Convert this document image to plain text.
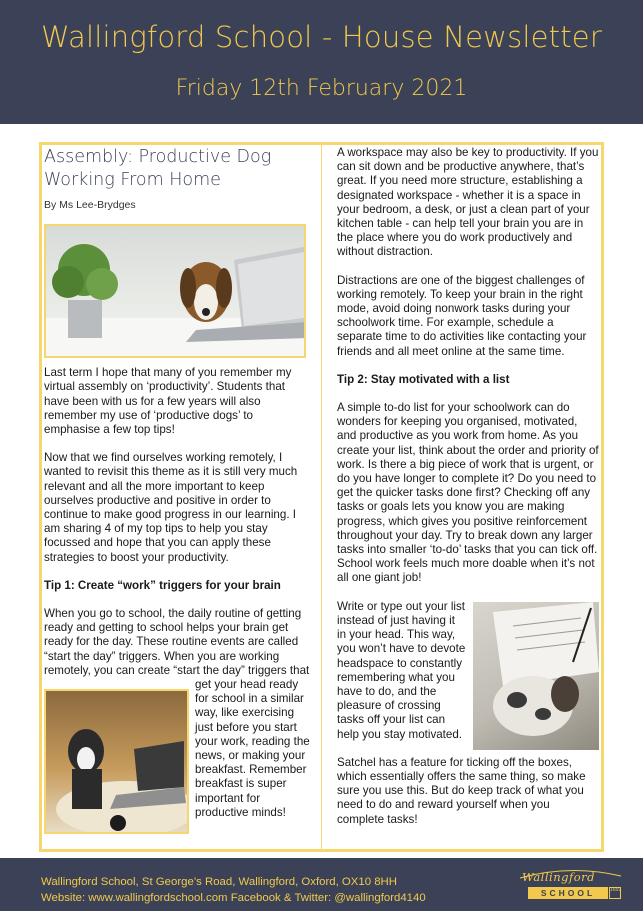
Wallingford School - House Newsletter
Friday 12th February 2021
Assembly: Productive Dog
Working From Home
By Ms Lee-Brydges

Last term I hope that many of you remember my virtual assembly on ‘productivity’. Students that have been with us for a few years will also remember my use of ‘productive dogs’ to emphasise a few top tips!

Now that we find ourselves working remotely, I wanted to revisit this theme as it is still very much relevant and all the more important to keep ourselves productive and positive in order to continue to make good progress in our learning. I am sharing 4 of my top tips to help you stay focussed and hope that you can apply these strategies to boost your productivity.

Tip 1: Create “work” triggers for your brain

When you go to school, the daily routine of getting ready and getting to school helps your brain get ready for the day. These routine events are called “start the day” triggers. When you are working remotely, you can create “start the day” triggers that get your head ready for school in a similar way, like exercising just before you start your work, reading the news, or making your breakfast. Remember breakfast is super important for productive minds!

A workspace may also be key to productivity. If you can sit down and be productive anywhere, that’s great. If you need more structure, establishing a designated workspace - whether it is a space in your bedroom, a desk, or just a clean part of your kitchen table - can help tell your brain you are in the place where you do work productively and without distraction.

Distractions are one of the biggest challenges of working remotely. To keep your brain in the right mode, avoid doing nonwork tasks during your schoolwork time. For example, schedule a separate time to do activities like contacting your friends and all meet online at the same time.

Tip 2: Stay motivated with a list

A simple to-do list for your schoolwork can do wonders for keeping you organised, motivated, and productive as you work from home. As you create your list, think about the order and priority of work. Is there a big piece of work that is urgent, or do you have longer to complete it? Do you need to get the quicker tasks done first? Checking off any tasks or goals lets you know you are making progress, which gives you positive reinforcement throughout your day. Try to break down any larger tasks into smaller ‘to-do’ tasks that you can tick off. School work feels much more doable when it’s not all one giant job!

Write or type out your list instead of just having it in your head. This way, you won’t have to devote headspace to constantly remembering what you have to do, and the pleasure of crossing tasks off your list can help you stay motivated.

Satchel has a feature for ticking off the boxes, which essentially offers the same thing, so make sure you use this. But do keep track of what you need to do and reward yourself when you complete tasks!

Wallingford School, St George’s Road, Wallingford, Oxford, OX10 8HH
Website: www.wallingfordschool.com Facebook & Twitter: @wallingford4140
Wallingford
SCHOOL	1659
